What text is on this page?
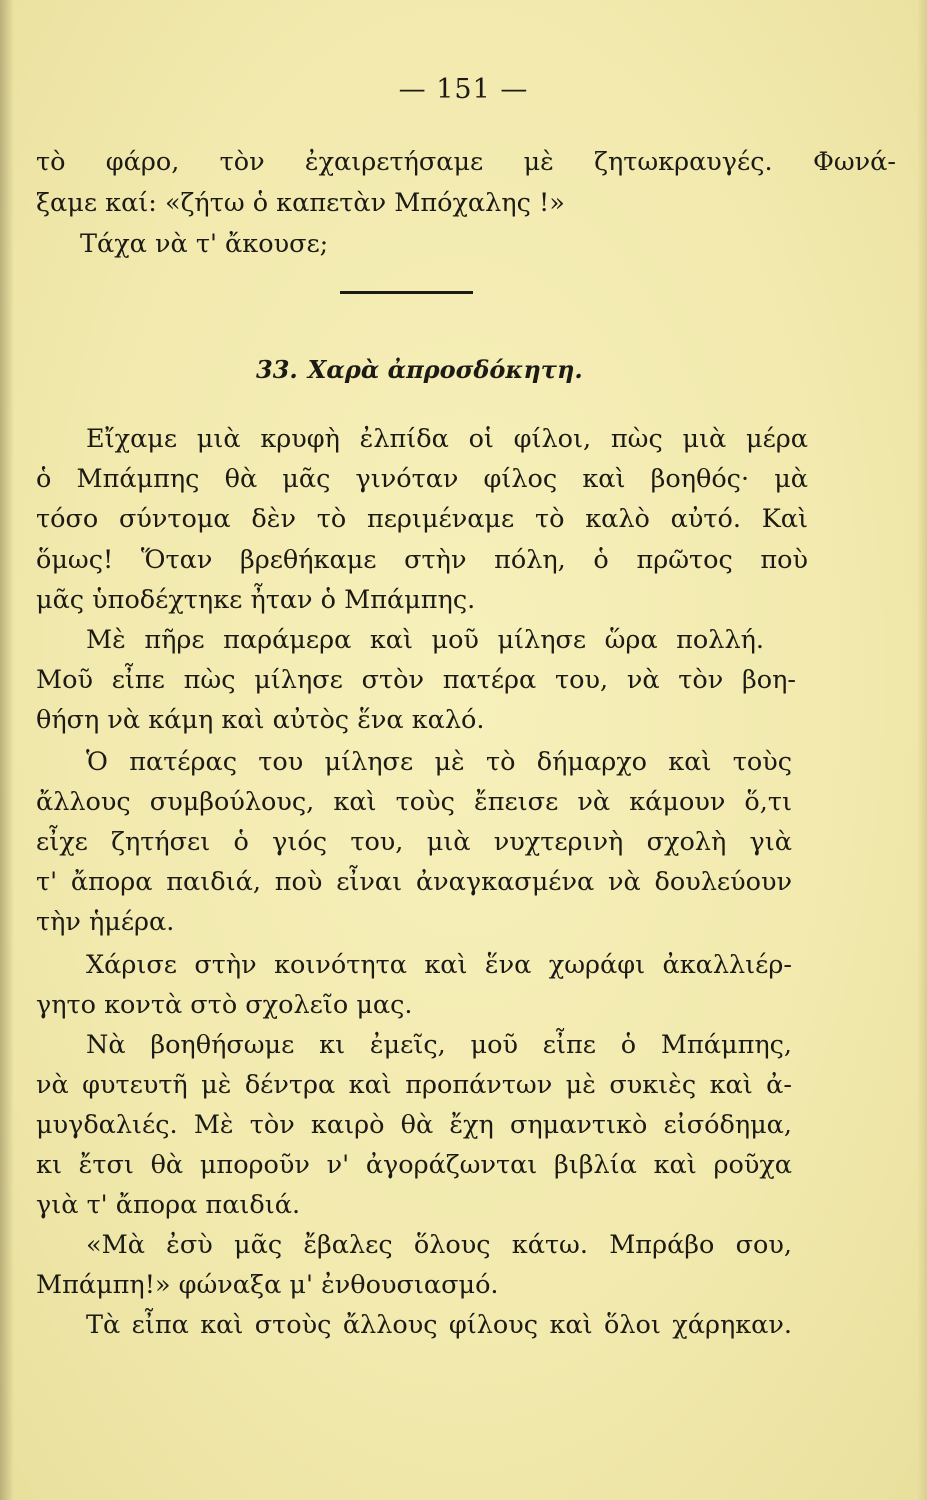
— 151 —
τὸ φάρο, τὸν ἐχαιρετήσαμε μὲ ζητωκραυγές. Φωνά-
ξαμε καί: «ζήτω ὁ καπετὰν Μπόχαλης !»
Τάχα νὰ τ' ἄκουσε;
33. Χαρὰ ἀπροσδόκητη.
Εἴχαμε μιὰ κρυφὴ ἐλπίδα οἱ φίλοι, πὼς μιὰ μέρα
ὁ Μπάμπης θὰ μᾶς γινόταν φίλος καὶ βοηθός· μὰ
τόσο σύντομα δὲν τὸ περιμέναμε τὸ καλὸ αὐτό. Καὶ
ὅμως! Ὅταν βρεθήκαμε στὴν πόλη, ὁ πρῶτος ποὺ
μᾶς ὑποδέχτηκε ἦταν ὁ Μπάμπης.
Μὲ πῆρε παράμερα καὶ μοῦ μίλησε ὥρα πολλή.
Μοῦ εἶπε πὼς μίλησε στὸν πατέρα του, νὰ τὸν βοη-
θήση νὰ κάμη καὶ αὐτὸς ἕνα καλό.
Ὁ πατέρας του μίλησε μὲ τὸ δήμαρχο καὶ τοὺς
ἄλλους συμβούλους, καὶ τοὺς ἔπεισε νὰ κάμουν ὅ,τι
εἶχε ζητήσει ὁ γιός του, μιὰ νυχτερινὴ σχολὴ γιὰ
τ' ἄπορα παιδιά, ποὺ εἶναι ἀναγκασμένα νὰ δουλεύουν
τὴν ἡμέρα.
Χάρισε στὴν κοινότητα καὶ ἕνα χωράφι ἀκαλλιέρ-
γητο κοντὰ στὸ σχολεῖο μας.
Νὰ βοηθήσωμε κι ἐμεῖς, μοῦ εἶπε ὁ Μπάμπης,
νὰ φυτευτῆ μὲ δέντρα καὶ προπάντων μὲ συκιὲς καὶ ἀ-
μυγδαλιές. Μὲ τὸν καιρὸ θὰ ἔχη σημαντικὸ εἰσόδημα,
κι ἔτσι θὰ μποροῦν ν' ἀγοράζωνται βιβλία καὶ ροῦχα
γιὰ τ' ἄπορα παιδιά.
«Μὰ ἐσὺ μᾶς ἔβαλες ὅλους κάτω. Μπράβο σου,
Μπάμπη!» φώναξα μ' ἐνθουσιασμό.
Τὰ εἶπα καὶ στοὺς ἄλλους φίλους καὶ ὅλοι χάρηκαν.
